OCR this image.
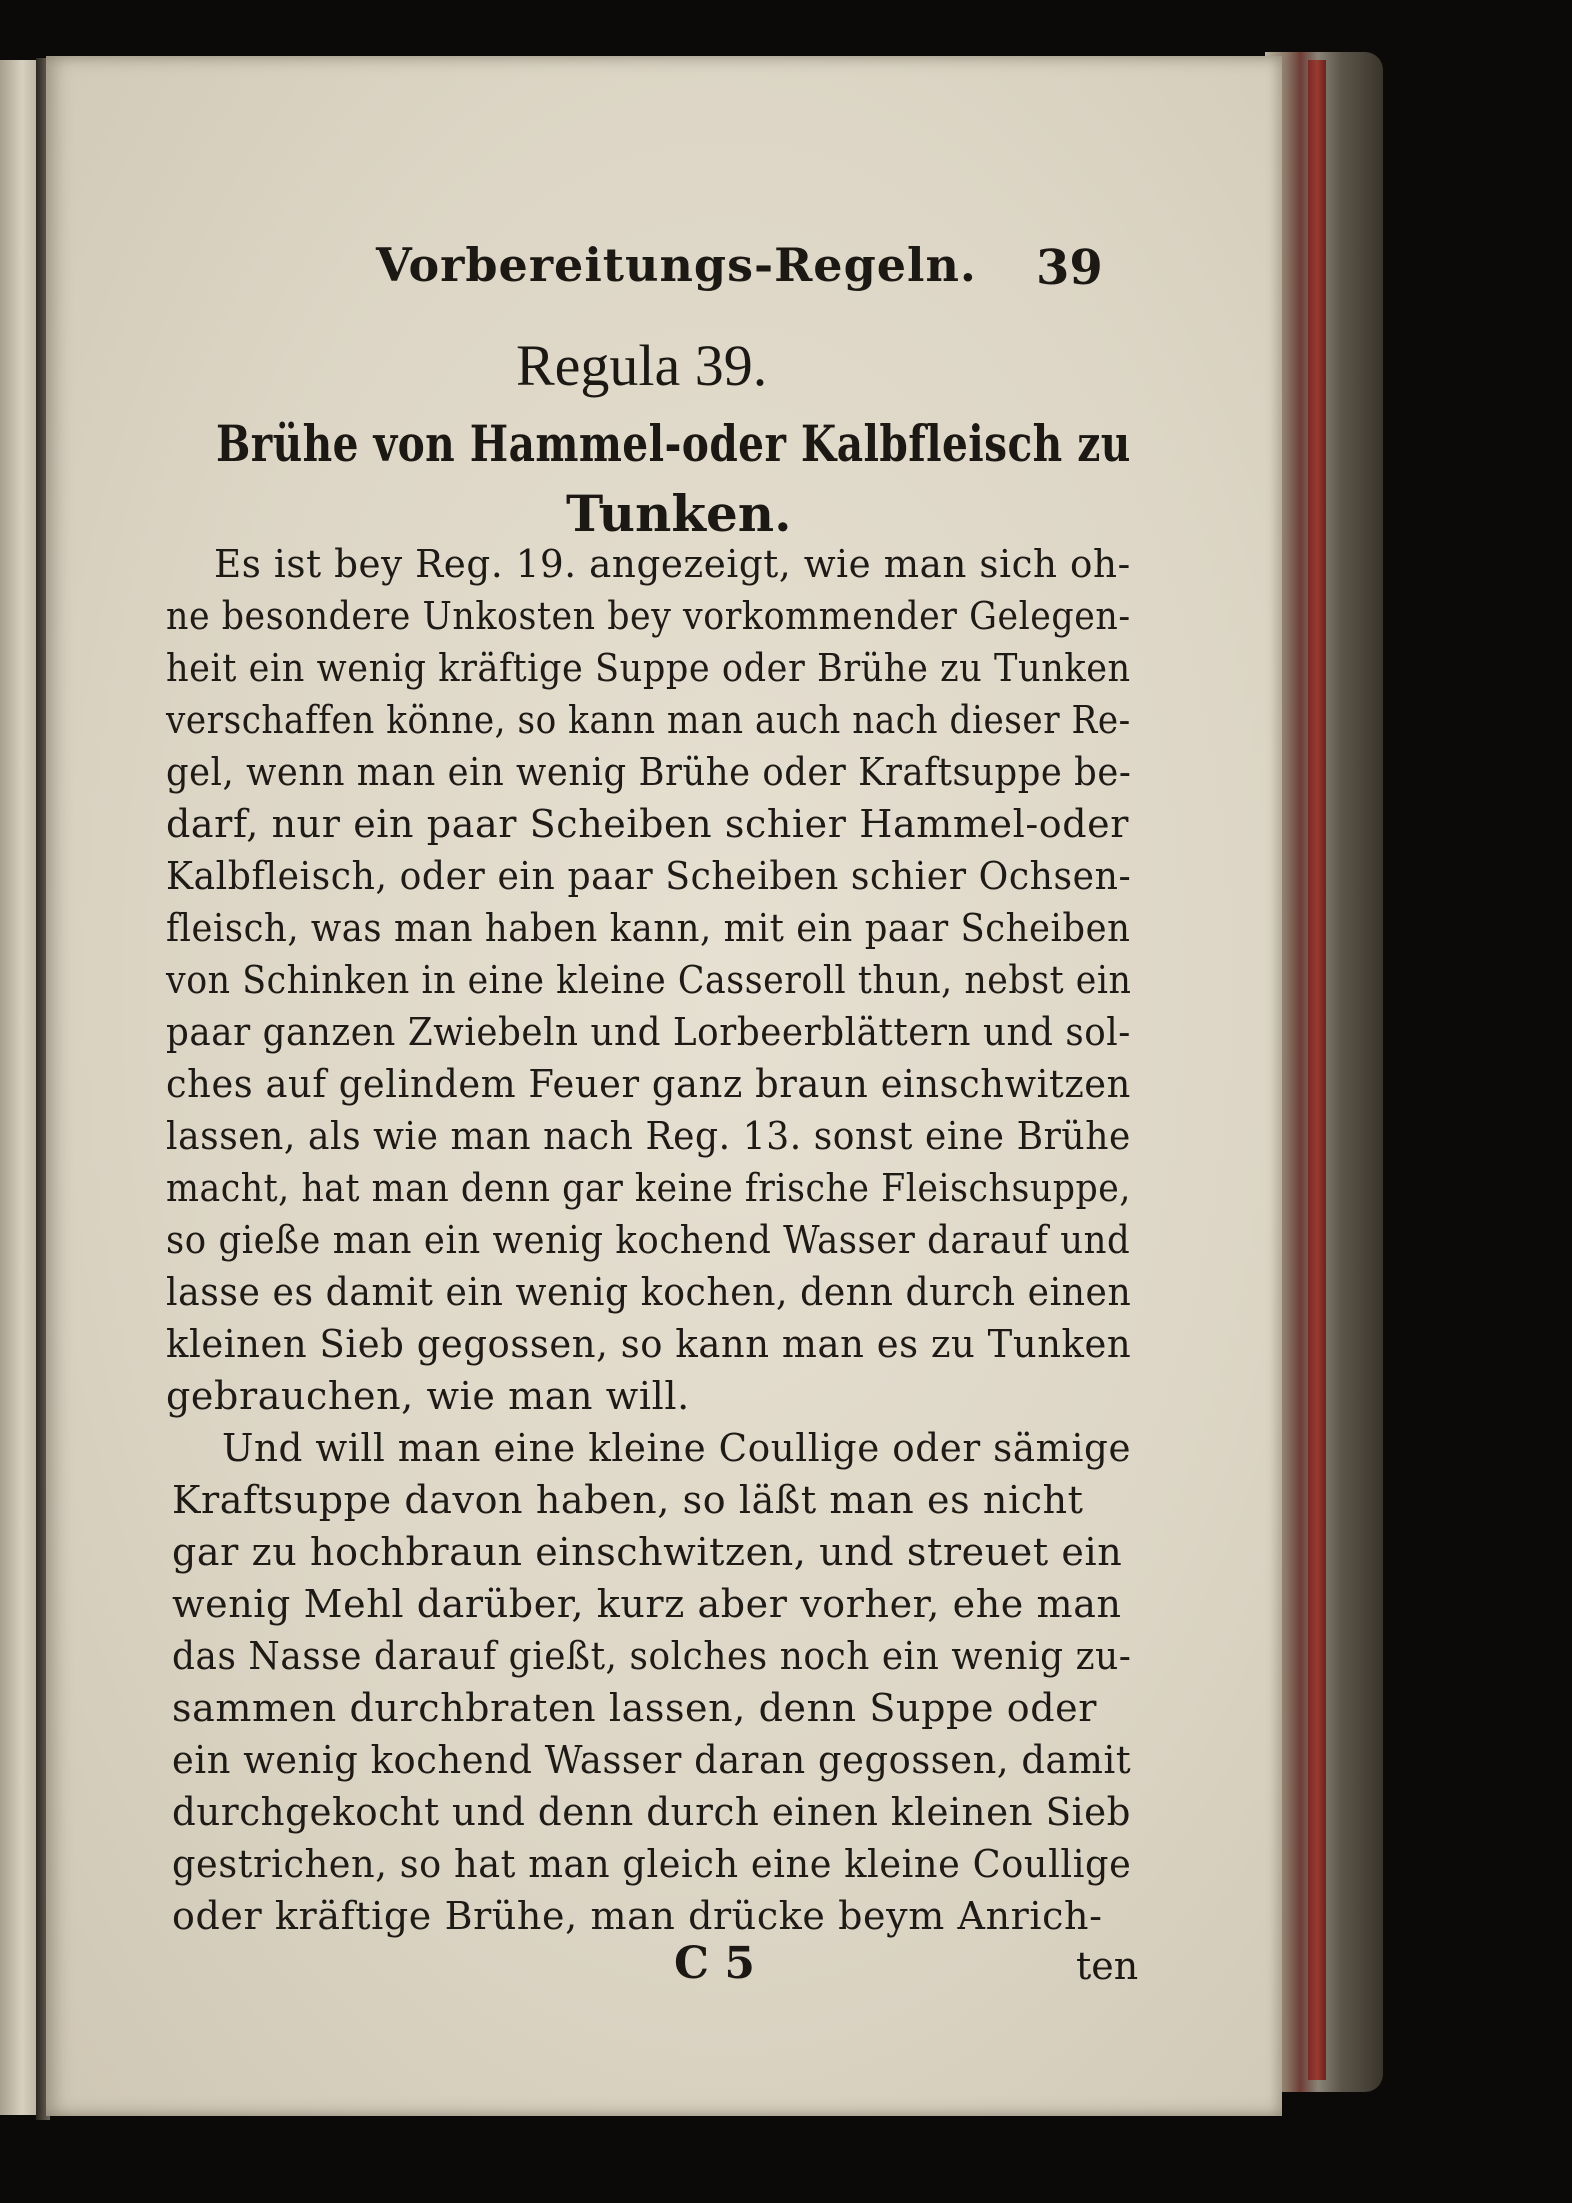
Vorbereitungs-Regeln. 39
Regula 39.
Brühe von Hammel-oder Kalbfleisch zu
Tunken.
Es ist bey Reg. 19. angezeigt, wie man sich oh-
ne besondere Unkosten bey vorkommender Gelegen-
heit ein wenig kräftige Suppe oder Brühe zu Tunken
verschaffen könne, so kann man auch nach dieser Re-
gel, wenn man ein wenig Brühe oder Kraftsuppe be-
darf, nur ein paar Scheiben schier Hammel-oder
Kalbfleisch, oder ein paar Scheiben schier Ochsen-
fleisch, was man haben kann, mit ein paar Scheiben
von Schinken in eine kleine Casseroll thun, nebst ein
paar ganzen Zwiebeln und Lorbeerblättern und sol-
ches auf gelindem Feuer ganz braun einschwitzen
lassen, als wie man nach Reg. 13. sonst eine Brühe
macht, hat man denn gar keine frische Fleischsuppe,
so gieße man ein wenig kochend Wasser darauf und
lasse es damit ein wenig kochen, denn durch einen
kleinen Sieb gegossen, so kann man es zu Tunken
gebrauchen, wie man will.
Und will man eine kleine Coullige oder sämige
Kraftsuppe davon haben, so läßt man es nicht
gar zu hochbraun einschwitzen, und streuet ein
wenig Mehl darüber, kurz aber vorher, ehe man
das Nasse darauf gießt, solches noch ein wenig zu-
sammen durchbraten lassen, denn Suppe oder
ein wenig kochend Wasser daran gegossen, damit
durchgekocht und denn durch einen kleinen Sieb
gestrichen, so hat man gleich eine kleine Coullige
oder kräftige Brühe, man drücke beym Anrich-
C 5	ten
